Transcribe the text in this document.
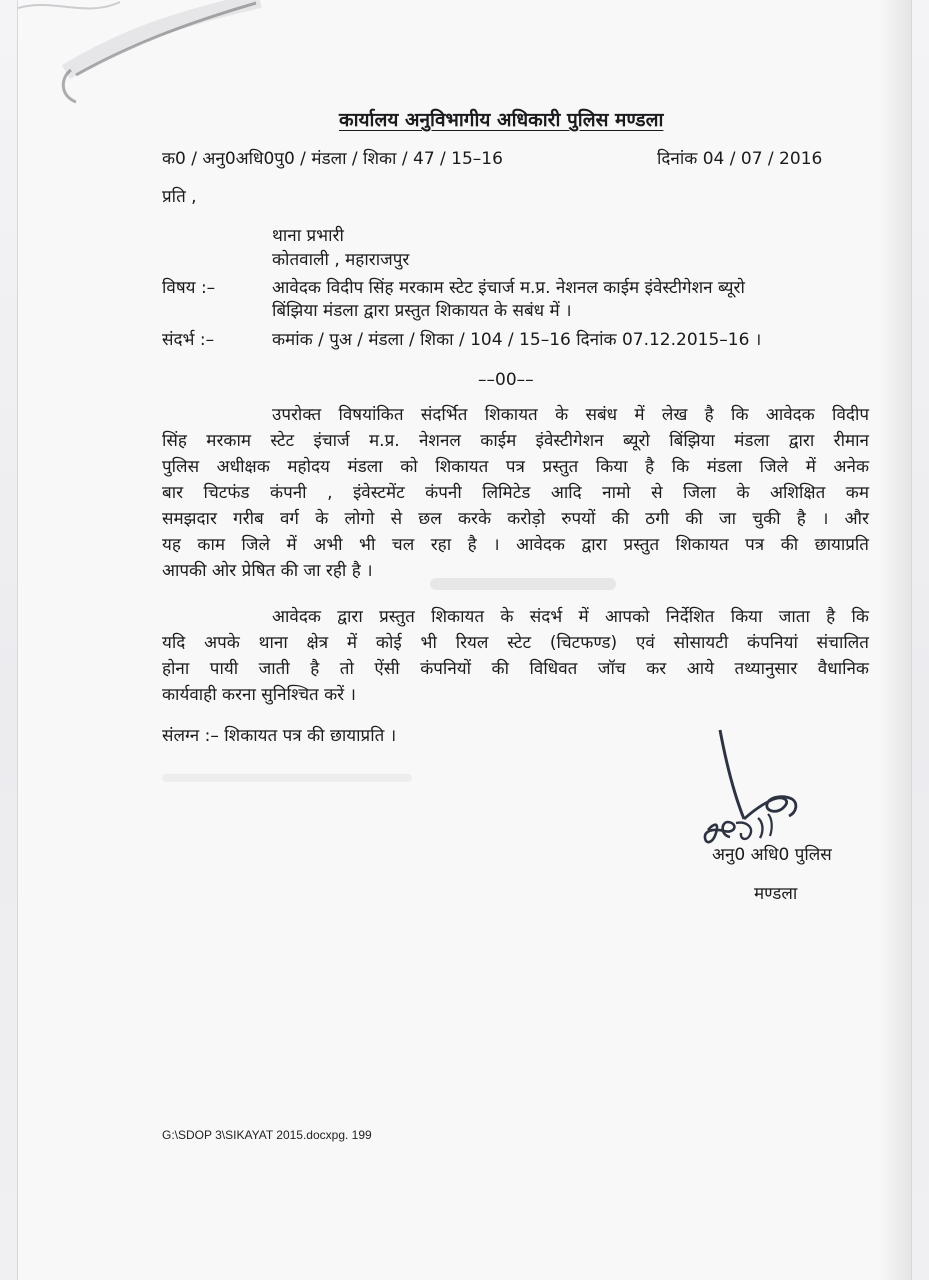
कार्यालय अनुविभागीय अधिकारी पुलिस मण्डला
क0 / अनु0अधि0पु0 / मंडला / शिका / 47 / 15–16	दिनांक 04 / 07 / 2016
प्रति ,
थाना प्रभारी
कोतवाली , महाराजपुर
विषय :–	आवेदक विदीप सिंह मरकाम स्टेट इंचार्ज म.प्र. नेशनल काईम इंवेस्टीगेशन ब्यूरो
बिंझिया मंडला द्वारा प्रस्तुत शिकायत के सबंध में ।
संदर्भ :–	कमांक / पुअ / मंडला / शिका / 104 / 15–16 दिनांक 07.12.2015–16 ।
––00––
उपरोक्त विषयांकित संदर्भित शिकायत के सबंध में लेख है कि आवेदक विदीप
सिंह मरकाम स्टेट इंचार्ज म.प्र. नेशनल काईम इंवेस्टीगेशन ब्यूरो बिंझिया मंडला द्वारा रीमान
पुलिस अधीक्षक महोदय मंडला को शिकायत पत्र प्रस्तुत किया है कि मंडला जिले में अनेक
बार चिटफंड कंपनी , इंवेस्टमेंट कंपनी लिमिटेड आदि नामो से जिला के अशिक्षित कम
समझदार गरीब वर्ग के लोगो से छल करके करोड़ो रुपयों की ठगी की जा चुकी है । और
यह काम जिले में अभी भी चल रहा है । आवेदक द्वारा प्रस्तुत शिकायत पत्र की छायाप्रति
आपकी ओर प्रेषित की जा रही है ।
आवेदक द्वारा प्रस्तुत शिकायत के संदर्भ में आपको निर्देशित किया जाता है कि
यदि अपके थाना क्षेत्र में कोई भी रियल स्टेट (चिटफण्ड) एवं सोसायटी कंपनियां संचालित
होना पायी जाती है तो ऐंसी कंपनियों की विधिवत जॉच कर आये तथ्यानुसार वैधानिक
कार्यवाही करना सुनिश्चित करें ।
संलग्न :– शिकायत पत्र की छायाप्रति ।
अनु0 अधि0 पुलिस
मण्डला
G:\SDOP 3\SIKAYAT 2015.docxpg. 199
